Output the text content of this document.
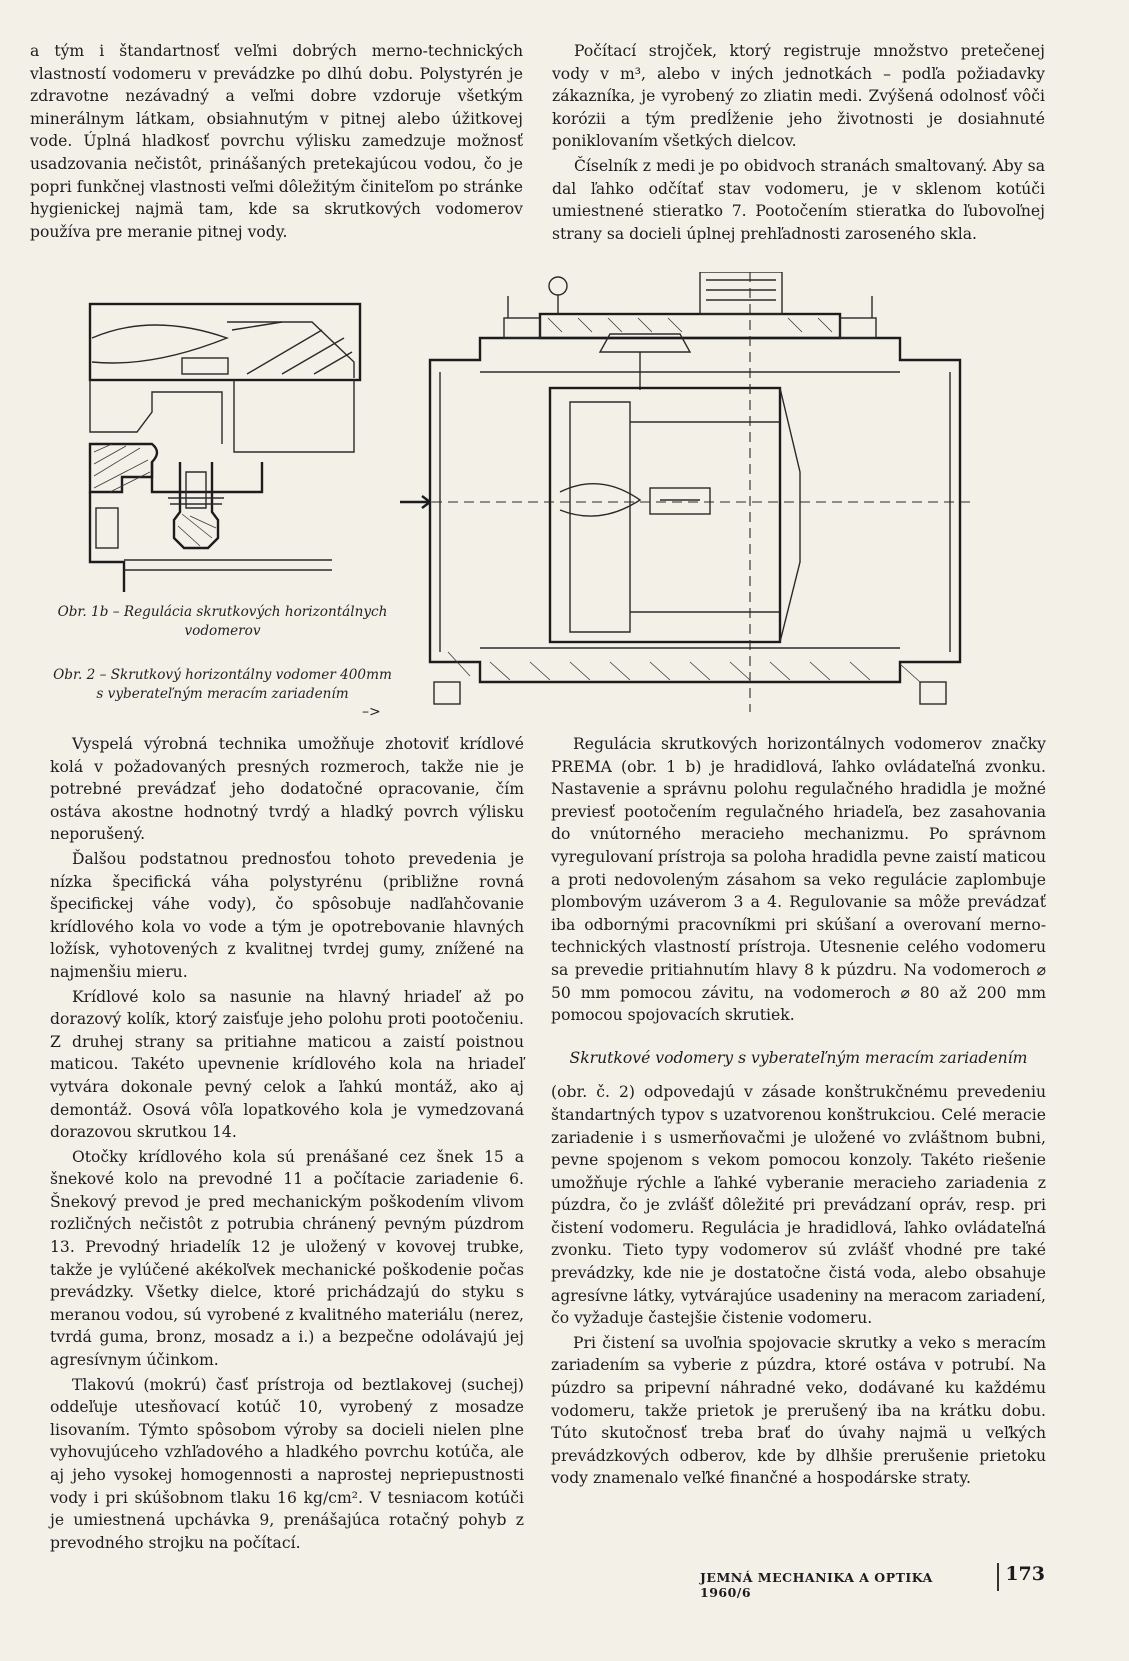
a tým i štandartnosť veľmi dobrých merno-technických vlastností vodomeru v prevádzke po dlhú dobu. Polystyrén je zdravotne nezávadný a veľmi dobre vzdoruje všetkým minerálnym látkam, obsiahnutým v pitnej alebo úžitkovej vode. Úplná hladkosť povrchu výlisku zamedzuje možnosť usadzovania nečistôt, prinášaných pretekajúcou vodou, čo je popri funkčnej vlastnosti veľmi dôležitým činiteľom po stránke hygienickej najmä tam, kde sa skrutkových vodomerov používa pre meranie pitnej vody.

Počítací strojček, ktorý registruje množstvo pretečenej vody v m³, alebo v iných jednotkách – podľa požiadavky zákazníka, je vyrobený zo zliatin medi. Zvýšená odolnosť vôči korózii a tým predĺženie jeho životnosti je dosiahnuté poniklovaním všetkých dielcov.

Číselník z medi je po obidvoch stranách smaltovaný. Aby sa dal ľahko odčítať stav vodomeru, je v sklenom kotúči umiestnené stieratko 7. Pootočením stieratka do ľubovoľnej strany sa docieli úplnej prehľadnosti zaroseného skla.

Obr. 1b – Regulácia skrutkových horizontálnych vodomerov
Obr. 2 – Skrutkový horizontálny vodomer 400mm s vyberateľným meracím zariadením
–>

Vyspelá výrobná technika umožňuje zhotoviť krídlové kolá v požadovaných presných rozmeroch, takže nie je potrebné prevádzať jeho dodatočné opracovanie, čím ostáva akostne hodnotný tvrdý a hladký povrch výlisku neporušený.

Ďalšou podstatnou prednosťou tohoto prevedenia je nízka špecifická váha polystyrénu (približne rovná špecifickej váhe vody), čo spôsobuje nadľahčovanie krídlového kola vo vode a tým je opotrebovanie hlavných ložísk, vyhotovených z kvalitnej tvrdej gumy, znížené na najmenšiu mieru.

Krídlové kolo sa nasunie na hlavný hriadeľ až po dorazový kolík, ktorý zaisťuje jeho polohu proti pootočeniu. Z druhej strany sa pritiahne maticou a zaistí poistnou maticou. Takéto upevnenie krídlového kola na hriadeľ vytvára dokonale pevný celok a ľahkú montáž, ako aj demontáž. Osová vôľa lopatkového kola je vymedzovaná dorazovou skrutkou 14.

Otočky krídlového kola sú prenášané cez šnek 15 a šnekové kolo na prevodné 11 a počítacie zariadenie 6. Šnekový prevod je pred mechanickým poškodením vlivom rozličných nečistôt z potrubia chránený pevným púzdrom 13. Prevodný hriadelík 12 je uložený v kovovej trubke, takže je vylúčené akékoľvek mechanické poškodenie počas prevádzky. Všetky dielce, ktoré prichádzajú do styku s meranou vodou, sú vyrobené z kvalitného materiálu (nerez, tvrdá guma, bronz, mosadz a i.) a bezpečne odolávajú jej agresívnym účinkom.

Tlakovú (mokrú) časť prístroja od beztlakovej (suchej) oddeľuje utesňovací kotúč 10, vyrobený z mosadze lisovaním. Týmto spôsobom výroby sa docieli nielen plne vyhovujúceho vzhľadového a hladkého povrchu kotúča, ale aj jeho vysokej homogennosti a naprostej nepriepustnosti vody i pri skúšobnom tlaku 16 kg/cm². V tesniacom kotúči je umiestnená upchávka 9, prenášajúca rotačný pohyb z prevodného strojku na počítací.

Regulácia skrutkových horizontálnych vodomerov značky PREMA (obr. 1 b) je hradidlová, ľahko ovládateľná zvonku. Nastavenie a správnu polohu regulačného hradidla je možné previesť pootočením regulačného hriadeľa, bez zasahovania do vnútorného meracieho mechanizmu. Po správnom vyregulovaní prístroja sa poloha hradidla pevne zaistí maticou a proti nedovoleným zásahom sa veko regulácie zaplombuje plombovým uzáverom 3 a 4. Regulovanie sa môže prevádzať iba odbornými pracovníkmi pri skúšaní a overovaní merno-technických vlastností prístroja. Utesnenie celého vodomeru sa prevedie pritiahnutím hlavy 8 k púzdru. Na vodomeroch ⌀ 50 mm pomocou závitu, na vodomeroch ⌀ 80 až 200 mm pomocou spojovacích skrutiek.

Skrutkové vodomery s vyberateľným meracím zariadením

(obr. č. 2) odpovedajú v zásade konštrukčnému prevedeniu štandartných typov s uzatvorenou konštrukciou. Celé meracie zariadenie i s usmerňovačmi je uložené vo zvláštnom bubni, pevne spojenom s vekom pomocou konzoly. Takéto riešenie umožňuje rýchle a ľahké vyberanie meracieho zariadenia z púzdra, čo je zvlášť dôležité pri prevádzaní opráv, resp. pri čistení vodomeru. Regulácia je hradidlová, ľahko ovládateľná zvonku. Tieto typy vodomerov sú zvlášť vhodné pre také prevádzky, kde nie je dostatočne čistá voda, alebo obsahuje agresívne látky, vytvárajúce usadeniny na meracom zariadení, čo vyžaduje častejšie čistenie vodomeru.

Pri čistení sa uvoľnia spojovacie skrutky a veko s meracím zariadením sa vyberie z púzdra, ktoré ostáva v potrubí. Na púzdro sa pripevní náhradné veko, dodávané ku každému vodomeru, takže prietok je prerušený iba na krátku dobu. Túto skutočnosť treba brať do úvahy najmä u veľkých prevádzkových odberov, kde by dlhšie prerušenie prietoku vody znamenalo veľké finančné a hospodárske straty.

JEMNÁ MECHANIKA A OPTIKA 1960/6
173
